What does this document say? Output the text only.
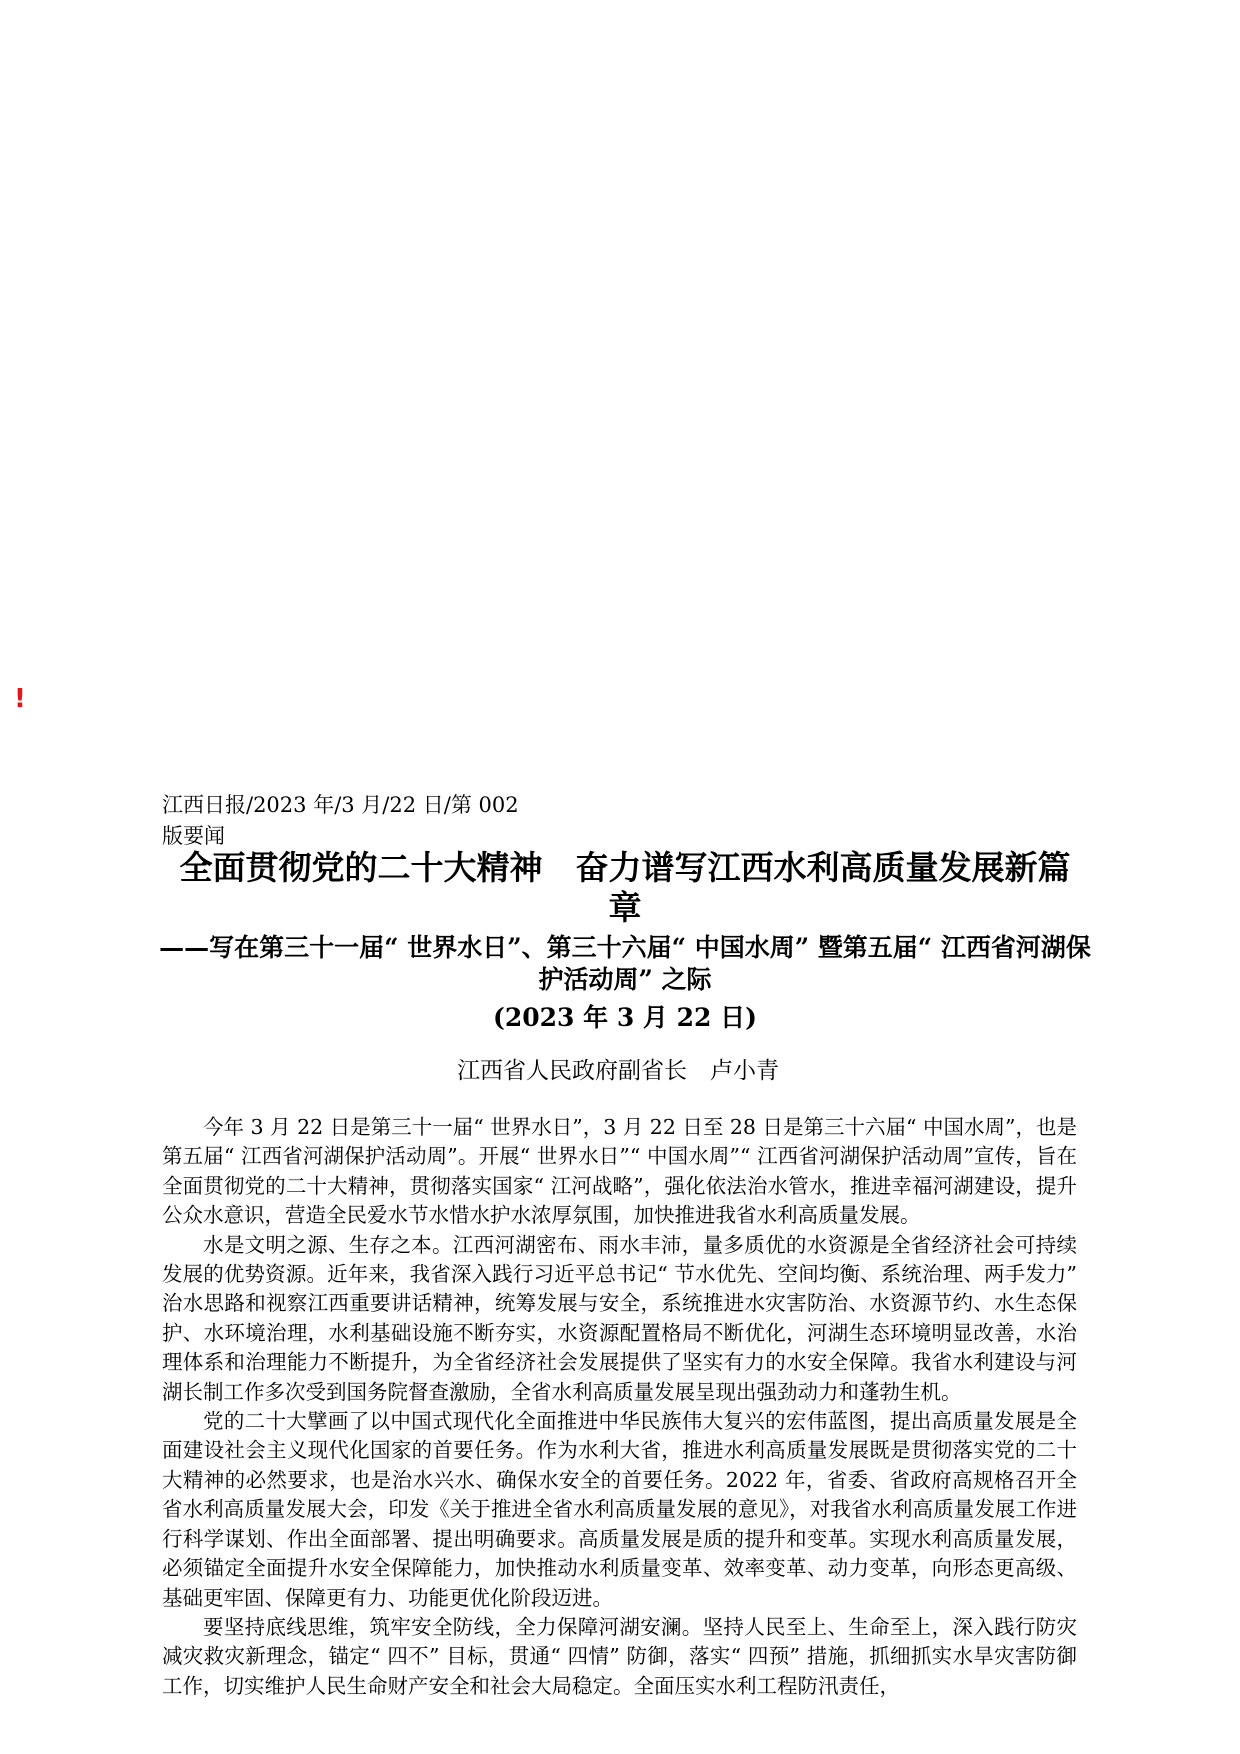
!
江西日报/2023 年/3 月/22 日/第 002
版要闻
全面贯彻党的二十大精神　奋力谱写江西水利高质量发展新篇章
——写在第三十一届“ 世界水日”、第三十六届“ 中国水周” 暨第五届“ 江西省河湖保护活动周” 之际
(2023 年 3 月 22 日)
江西省人民政府副省长　卢小青

今年 3 月 22 日是第三十一届“ 世界水日”，3 月 22 日至 28 日是第三十六届“ 中国水周”，也是第五届“ 江西省河湖保护活动周”。开展“ 世界水日”“ 中国水周”“ 江西省河湖保护活动周”宣传，旨在全面贯彻党的二十大精神，贯彻落实国家“ 江河战略”，强化依法治水管水，推进幸福河湖建设，提升公众水意识，营造全民爱水节水惜水护水浓厚氛围，加快推进我省水利高质量发展。

水是文明之源、生存之本。江西河湖密布、雨水丰沛，量多质优的水资源是全省经济社会可持续发展的优势资源。近年来，我省深入践行习近平总书记“ 节水优先、空间均衡、系统治理、两手发力” 治水思路和视察江西重要讲话精神，统筹发展与安全，系统推进水灾害防治、水资源节约、水生态保护、水环境治理，水利基础设施不断夯实，水资源配置格局不断优化，河湖生态环境明显改善，水治理体系和治理能力不断提升，为全省经济社会发展提供了坚实有力的水安全保障。我省水利建设与河湖长制工作多次受到国务院督查激励，全省水利高质量发展呈现出强劲动力和蓬勃生机。

党的二十大擘画了以中国式现代化全面推进中华民族伟大复兴的宏伟蓝图，提出高质量发展是全面建设社会主义现代化国家的首要任务。作为水利大省，推进水利高质量发展既是贯彻落实党的二十大精神的必然要求，也是治水兴水、确保水安全的首要任务。2022 年，省委、省政府高规格召开全省水利高质量发展大会，印发《关于推进全省水利高质量发展的意见》，对我省水利高质量发展工作进行科学谋划、作出全面部署、提出明确要求。高质量发展是质的提升和变革。实现水利高质量发展，必须锚定全面提升水安全保障能力，加快推动水利质量变革、效率变革、动力变革，向形态更高级、基础更牢固、保障更有力、功能更优化阶段迈进。

要坚持底线思维，筑牢安全防线，全力保障河湖安澜。坚持人民至上、生命至上，深入践行防灾减灾救灾新理念，锚定“ 四不” 目标，贯通“ 四情” 防御，落实“ 四预” 措施，抓细抓实水旱灾害防御工作，切实维护人民生命财产安全和社会大局稳定。全面压实水利工程防汛责任，
